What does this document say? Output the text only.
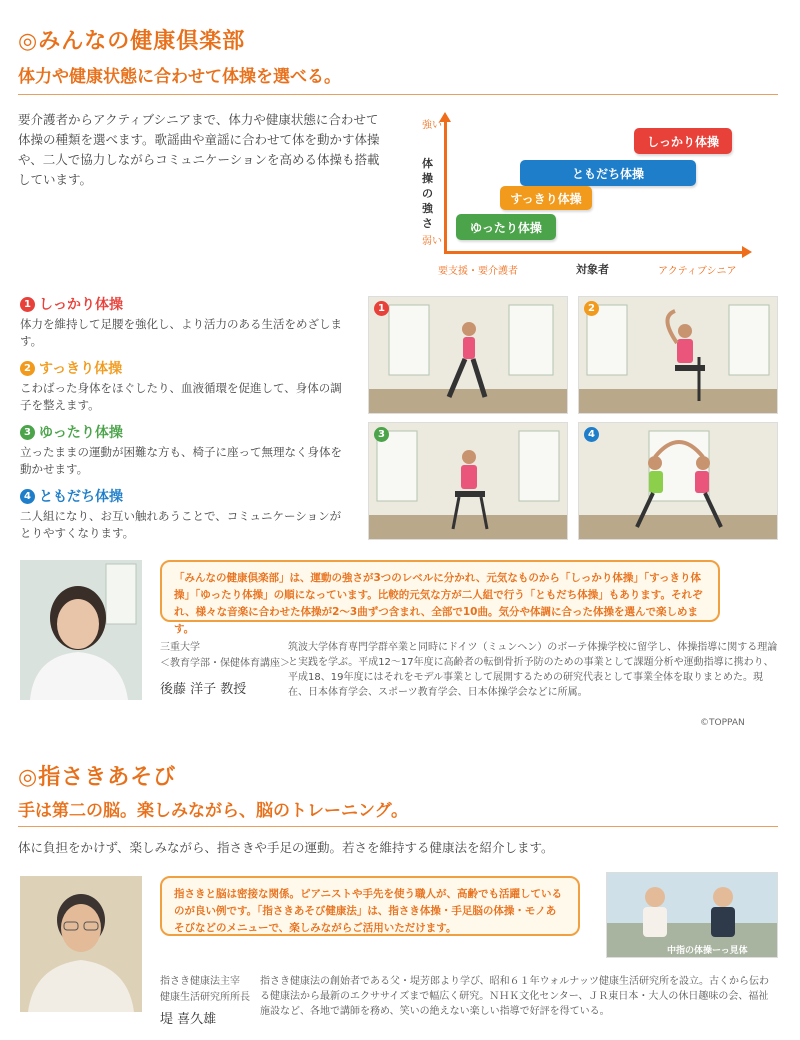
◎みんなの健康倶楽部
体力や健康状態に合わせて体操を選べる。
要介護者からアクティブシニアまで、体力や健康状態に合わせて体操の種類を選べます。歌謡曲や童謡に合わせて体を動かす体操や、二人で協力しながらコミュニケーションを高める体操も搭載しています。
強い
体操の強さ
弱い
しっかり体操
ともだち体操
すっきり体操
ゆったり体操
要支援・要介護者	対象者	アクティブシニア
1 しっかり体操
体力を維持して足腰を強化し、より活力のある生活をめざします。
2 すっきり体操
こわばった身体をほぐしたり、血液循環を促進して、身体の調子を整えます。
3 ゆったり体操
立ったままの運動が困難な方も、椅子に座って無理なく身体を動かせます。
4 ともだち体操
二人組になり、お互い触れあうことで、コミュニケーションがとりやすくなります。
1	2
3	4
「みんなの健康倶楽部」は、運動の強さが3つのレベルに分かれ、元気なものから「しっかり体操」「すっきり体操」「ゆったり体操」の順になっています。比較的元気な方が二人組で行う「ともだち体操」もあります。それぞれ、様々な音楽に合わせた体操が2〜3曲ずつ含まれ、全部で10曲。気分や体調に合った体操を選んで楽しめます。
三重大学
＜教育学部・保健体育講座＞
後藤 洋子 教授
筑波大学体育専門学群卒業と同時にドイツ（ミュンヘン）のボーテ体操学校に留学し、体操指導に関する理論と実践を学ぶ。平成12〜17年度に高齢者の転倒骨折予防のための事業として課題分析や運動指導に携わり、平成18、19年度にはそれをモデル事業として展開するための研究代表として事業全体を取りまとめた。現在、日本体育学会、スポーツ教育学会、日本体操学会などに所属。
©TOPPAN
◎指さきあそび
手は第二の脳。楽しみながら、脳のトレーニング。
体に負担をかけず、楽しみながら、指さきや手足の運動。若さを維持する健康法を紹介します。
指さきと脳は密接な関係。ピアニストや手先を使う職人が、高齢でも活躍しているのが良い例です。「指さきあそび健康法」は、指さき体操・手足脳の体操・モノあそびなどのメニューで、楽しみながらご活用いただけます。
中指の体操ーっ見体
指さき健康法主宰
健康生活研究所所長
堤 喜久雄
指さき健康法の創始者である父・堤芳郎より学び、昭和６１年ウォルナッツ健康生活研究所を設立。古くから伝わる健康法から最新のエクササイズまで幅広く研究。ＮＨＫ文化センター、ＪＲ東日本・大人の休日趣味の会、福祉施設など、各地で講師を務め、笑いの絶えない楽しい指導で好評を得ている。
